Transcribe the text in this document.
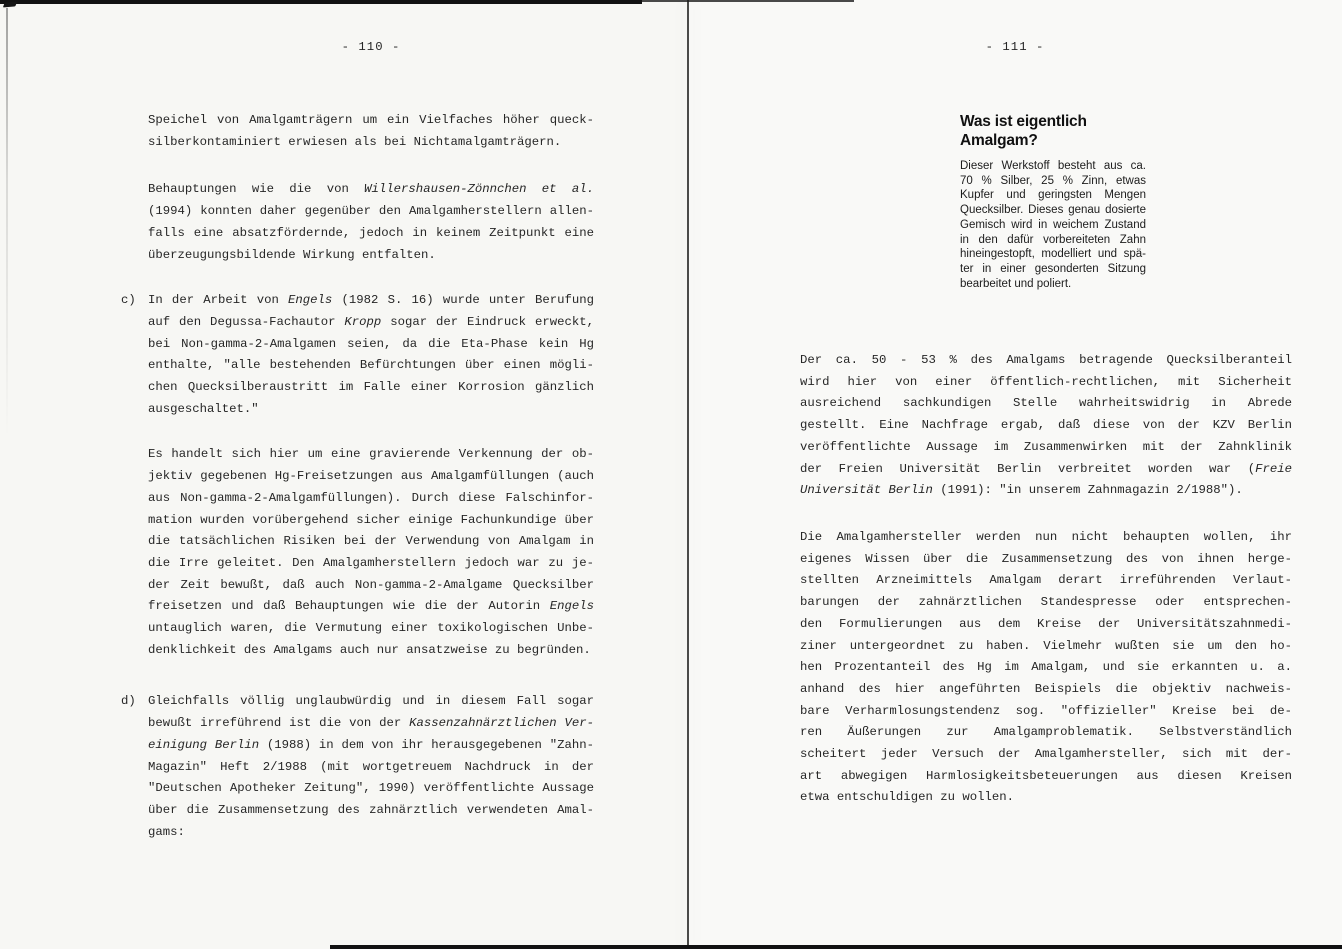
- 110 -
Speichel von Amalgamträgern um ein Vielfaches höher queck-
silberkontaminiert erwiesen als bei Nichtamalgamträgern.
Behauptungen wie die von Willershausen-Zönnchen et al.
(1994) konnten daher gegenüber den Amalgamherstellern allen-
falls eine absatzfördernde, jedoch in keinem Zeitpunkt eine
überzeugungsbildende Wirkung entfalten.
c) In der Arbeit von Engels (1982 S. 16) wurde unter Berufung
auf den Degussa-Fachautor Kropp sogar der Eindruck erweckt,
bei Non-gamma-2-Amalgamen seien, da die Eta-Phase kein Hg
enthalte, "alle bestehenden Befürchtungen über einen mögli-
chen Quecksilberaustritt im Falle einer Korrosion gänzlich
ausgeschaltet."
Es handelt sich hier um eine gravierende Verkennung der ob-
jektiv gegebenen Hg-Freisetzungen aus Amalgamfüllungen (auch
aus Non-gamma-2-Amalgamfüllungen). Durch diese Falschinfor-
mation wurden vorübergehend sicher einige Fachunkundige über
die tatsächlichen Risiken bei der Verwendung von Amalgam in
die Irre geleitet. Den Amalgamherstellern jedoch war zu je-
der Zeit bewußt, daß auch Non-gamma-2-Amalgame Quecksilber
freisetzen und daß Behauptungen wie die der Autorin Engels
untauglich waren, die Vermutung einer toxikologischen Unbe-
denklichkeit des Amalgams auch nur ansatzweise zu begründen.
d) Gleichfalls völlig unglaubwürdig und in diesem Fall sogar
bewußt irreführend ist die von der Kassenzahnärztlichen Ver-
einigung Berlin (1988) in dem von ihr herausgegebenen "Zahn-
Magazin" Heft 2/1988 (mit wortgetreuem Nachdruck in der
"Deutschen Apotheker Zeitung", 1990) veröffentlichte Aussage
über die Zusammensetzung des zahnärztlich verwendeten Amal-
gams:
- 111 -
Was ist eigentlich
Amalgam?
Dieser Werkstoff besteht aus ca.
70 % Silber, 25 % Zinn, etwas
Kupfer und geringsten Mengen
Quecksilber. Dieses genau dosierte
Gemisch wird in weichem Zustand
in den dafür vorbereiteten Zahn
hineingestopft, modelliert und spä-
ter in einer gesonderten Sitzung
bearbeitet und poliert.
Der ca. 50 - 53 % des Amalgams betragende Quecksilberanteil
wird hier von einer öffentlich-rechtlichen, mit Sicherheit
ausreichend sachkundigen Stelle wahrheitswidrig in Abrede
gestellt. Eine Nachfrage ergab, daß diese von der KZV Berlin
veröffentlichte Aussage im Zusammenwirken mit der Zahnklinik
der Freien Universität Berlin verbreitet worden war (Freie
Universität Berlin (1991): "in unserem Zahnmagazin 2/1988").
Die Amalgamhersteller werden nun nicht behaupten wollen, ihr
eigenes Wissen über die Zusammensetzung des von ihnen herge-
stellten Arzneimittels Amalgam derart irreführenden Verlaut-
barungen der zahnärztlichen Standespresse oder entsprechen-
den Formulierungen aus dem Kreise der Universitätszahnmedi-
ziner untergeordnet zu haben. Vielmehr wußten sie um den ho-
hen Prozentanteil des Hg im Amalgam, und sie erkannten u. a.
anhand des hier angeführten Beispiels die objektiv nachweis-
bare Verharmlosungstendenz sog. "offizieller" Kreise bei de-
ren Äußerungen zur Amalgamproblematik. Selbstverständlich
scheitert jeder Versuch der Amalgamhersteller, sich mit der-
art abwegigen Harmlosigkeitsbeteuerungen aus diesen Kreisen
etwa entschuldigen zu wollen.
